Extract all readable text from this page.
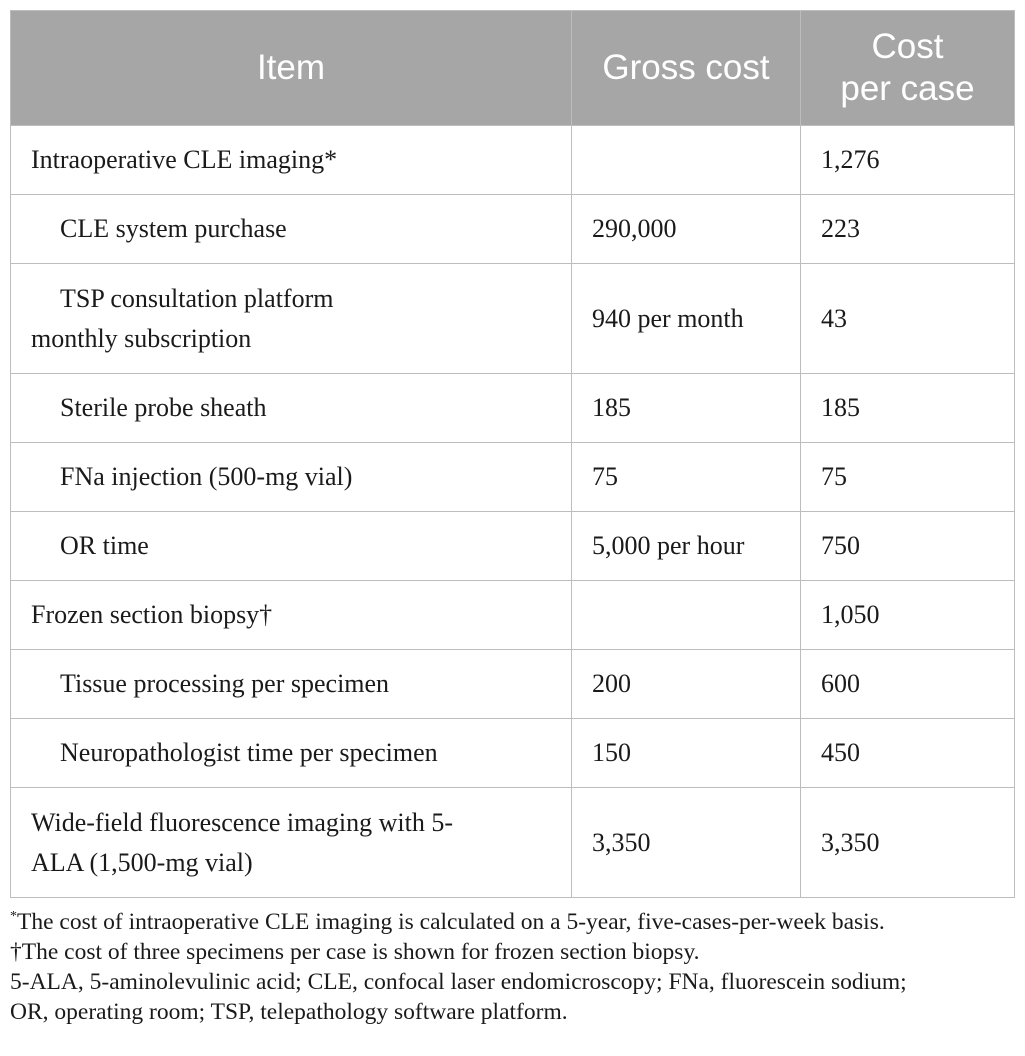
Item	Gross cost	Cost
per case
Intraoperative CLE imaging*		1,276
CLE system purchase	290,000	223
TSP consultation platform
monthly subscription	940 per month	43
Sterile probe sheath	185	185
FNa injection (500-mg vial)	75	75
OR time	5,000 per hour	750
Frozen section biopsy†		1,050
Tissue processing per specimen	200	600
Neuropathologist time per specimen	150	450
Wide-field fluorescence imaging with 5-
ALA (1,500-mg vial)	3,350	3,350

*The cost of intraoperative CLE imaging is calculated on a 5-year, five-cases-per-week basis.

†The cost of three specimens per case is shown for frozen section biopsy.

5-ALA, 5-aminolevulinic acid; CLE, confocal laser endomicroscopy; FNa, fluorescein sodium;

OR, operating room; TSP, telepathology software platform.
